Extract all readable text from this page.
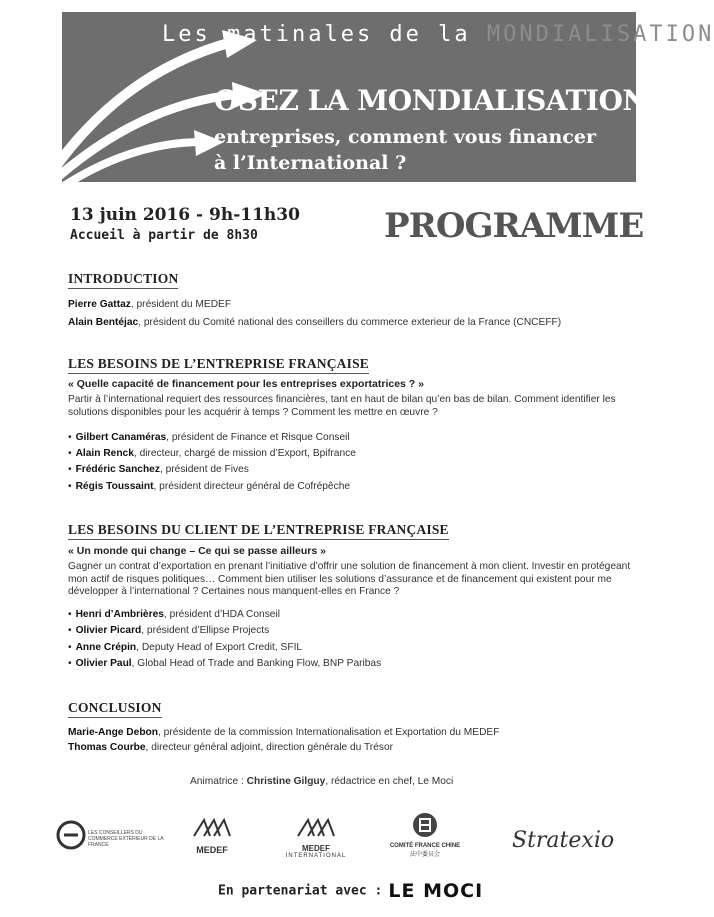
Les matinales de la MONDIALISATION
OSEZ LA MONDIALISATION :
entreprises, comment vous financer
à l’International ?
13 juin 2016 - 9h-11h30
Accueil à partir de 8h30	PROGRAMME
INTRODUCTION
Pierre Gattaz, président du MEDEF
Alain Bentéjac, président du Comité national des conseillers du commerce exterieur de la France (CNCEFF)
LES BESOINS DE L’ENTREPRISE FRANÇAISE
« Quelle capacité de financement pour les entreprises exportatrices ? »
Partir à l’international requiert des ressources financières, tant en haut de bilan qu’en bas de bilan. Comment identifier les solutions disponibles pour les acquérir à temps ? Comment les mettre en œuvre ?
• Gilbert Canaméras, président de Finance et Risque Conseil
• Alain Renck, directeur, chargé de mission d’Export, Bpifrance
• Frédéric Sanchez, président de Fives
• Régis Toussaint, président directeur général de Cofrépêche
LES BESOINS DU CLIENT DE L’ENTREPRISE FRANÇAISE
« Un monde qui change – Ce qui se passe ailleurs »
Gagner un contrat d’exportation en prenant l’initiative d’offrir une solution de financement à mon client. Investir en protégeant mon actif de risques politiques… Comment bien utiliser les solutions d’assurance et de financement qui existent pour me développer à l’international ? Certaines nous manquent-elles en France ?
• Henri d’Ambrières, président d’HDA Conseil
• Olivier Picard, président d’Ellipse Projects
• Anne Crépin, Deputy Head of Export Credit, SFIL
• Olivier Paul, Global Head of Trade and Banking Flow, BNP Paribas
CONCLUSION
Marie-Ange Debon, présidente de la commission Internationalisation et Exportation du MEDEF
Thomas Courbe, directeur général adjoint, direction générale du Trésor
Animatrice : Christine Gilguy, rédactrice en chef, Le Moci
LES CONSEILLERS DU COMMERCE EXTÉRIEUR DE LA FRANCE	MEDEF	MEDEF
INTERNATIONAL
COMITÉ FRANCE CHINE
法中委员会
Stratexio
En partenariat avec : LE MOCI
